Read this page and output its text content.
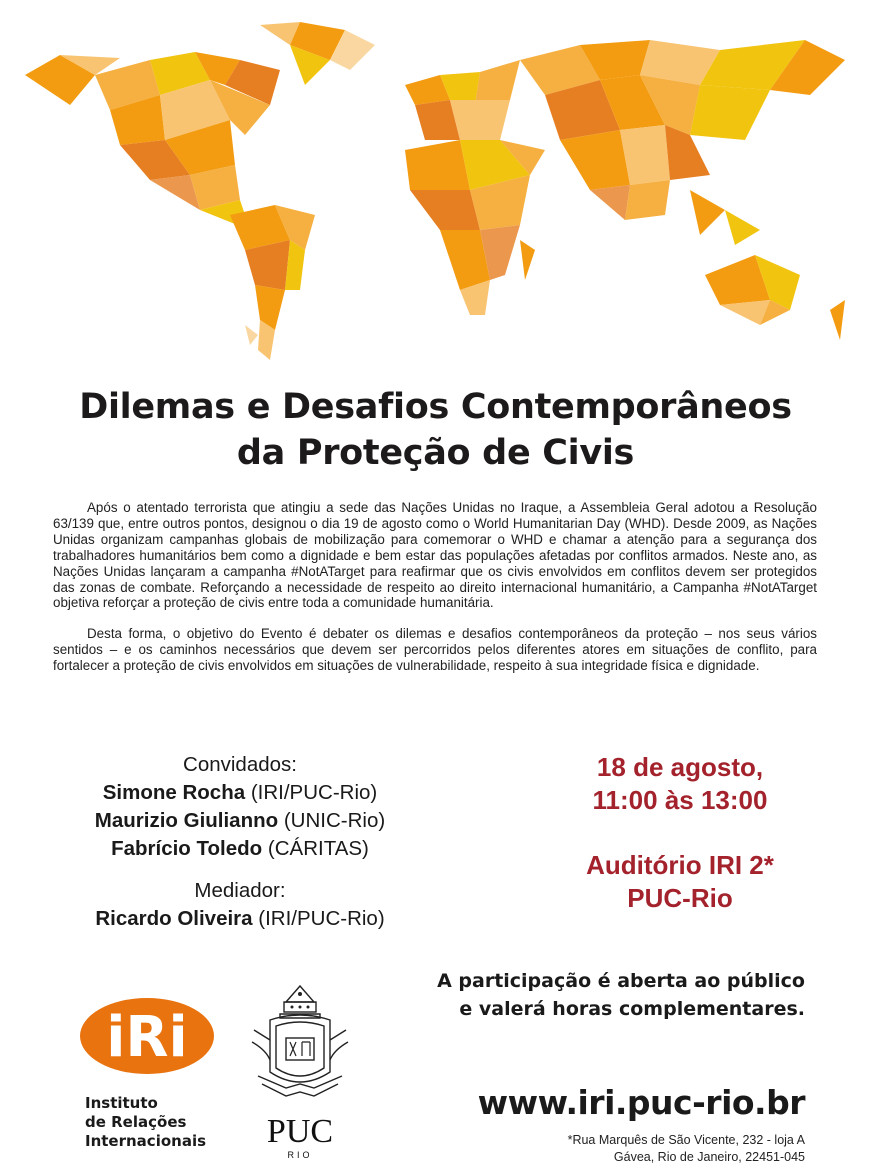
Dilemas e Desafios Contemporâneos
da Proteção de Civis

Após o atentado terrorista que atingiu a sede das Nações Unidas no Iraque, a Assembleia Geral adotou a Resolução 63/139 que, entre outros pontos, designou o dia 19 de agosto como o World Humanitarian Day (WHD). Desde 2009, as Nações Unidas organizam campanhas globais de mobilização para comemorar o WHD e chamar a atenção para a segurança dos trabalhadores humanitários bem como a dignidade e bem estar das populações afetadas por conflitos armados. Neste ano, as Nações Unidas lançaram a campanha #NotATarget para reafirmar que os civis envolvidos em conflitos devem ser protegidos das zonas de combate. Reforçando a necessidade de respeito ao direito internacional humanitário, a Campanha #NotATarget objetiva reforçar a proteção de civis entre toda a comunidade humanitária.

Desta forma, o objetivo do Evento é debater os dilemas e desafios contemporâneos da proteção – nos seus vários sentidos – e os caminhos necessários que devem ser percorridos pelos diferentes atores em situações de conflito, para fortalecer a proteção de civis envolvidos em situações de vulnerabilidade, respeito à sua integridade física e dignidade.

Convidados:
Simone Rocha (IRI/PUC-Rio)
Maurizio Giulianno (UNIC-Rio)
Fabrício Toledo (CÁRITAS)
Mediador:
Ricardo Oliveira (IRI/PUC-Rio)
18 de agosto,
11:00 às 13:00
Auditório IRI 2*
PUC-Rio
A participação é aberta ao público
e valerá horas complementares.
iRi
Instituto
de Relações
Internacionais	PUC
RIO
www.iri.puc-rio.br
*Rua Marquês de São Vicente, 232 - loja A
Gávea, Rio de Janeiro, 22451-045
